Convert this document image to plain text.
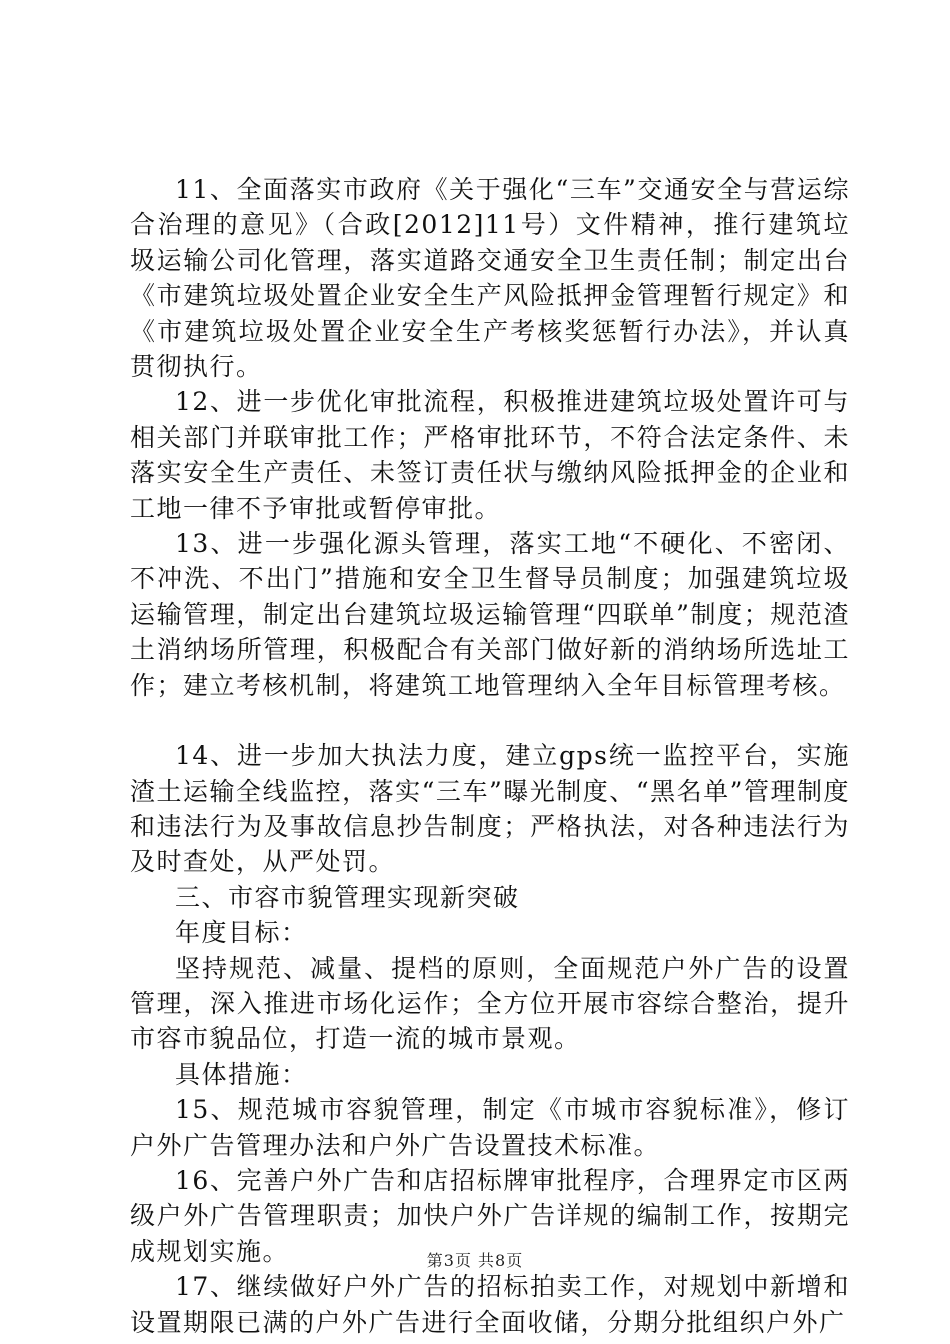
11、全面落实市政府《关于强化“三车”交通安全与营运综合治理的意见》（合政[2012]11号）文件精神，推行建筑垃圾运输公司化管理，落实道路交通安全卫生责任制；制定出台《市建筑垃圾处置企业安全生产风险抵押金管理暂行规定》和《市建筑垃圾处置企业安全生产考核奖惩暂行办法》，并认真贯彻执行。

12、进一步优化审批流程，积极推进建筑垃圾处置许可与相关部门并联审批工作；严格审批环节，不符合法定条件、未落实安全生产责任、未签订责任状与缴纳风险抵押金的企业和工地一律不予审批或暂停审批。

13、进一步强化源头管理，落实工地“不硬化、不密闭、不冲洗、不出门”措施和安全卫生督导员制度；加强建筑垃圾运输管理，制定出台建筑垃圾运输管理“四联单”制度；规范渣土消纳场所管理，积极配合有关部门做好新的消纳场所选址工作；建立考核机制，将建筑工地管理纳入全年目标管理考核。

14、进一步加大执法力度，建立gps统一监控平台，实施渣土运输全线监控，落实“三车”曝光制度、“黑名单”管理制度和违法行为及事故信息抄告制度；严格执法，对各种违法行为及时查处，从严处罚。

三、市容市貌管理实现新突破

年度目标：

坚持规范、减量、提档的原则，全面规范户外广告的设置管理，深入推进市场化运作；全方位开展市容综合整治，提升市容市貌品位，打造一流的城市景观。

具体措施：

15、规范城市容貌管理，制定《市城市容貌标准》，修订户外广告管理办法和户外广告设置技术标准。

16、完善户外广告和店招标牌审批程序，合理界定市区两级户外广告管理职责；加快户外广告详规的编制工作，按期完成规划实施。

17、继续做好户外广告的招标拍卖工作，对规划中新增和设置期限已满的户外广告进行全面收储，分期分批组织户外广

第3页 共8页
